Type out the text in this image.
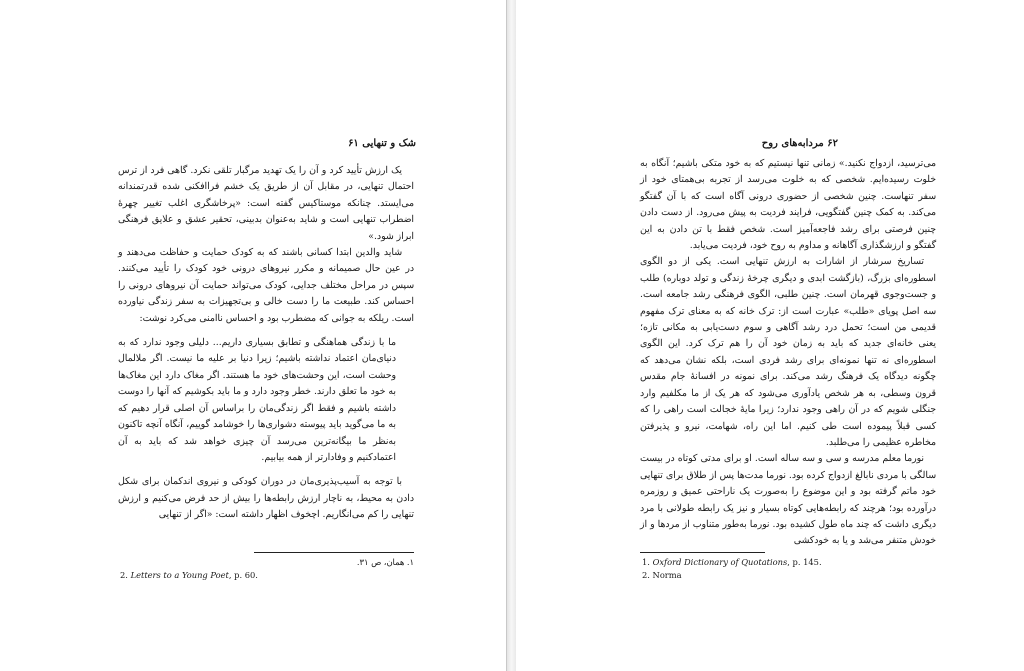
شک و تنهایی ۶۱

یک ارزش تأیید کرد و آن را یک تهدید مرگبار تلقی نکرد. گاهی فرد از ترس احتمال تنهایی، در مقابل آن از طریق یک خشم فراافکنی شده قدرتمندانه می‌ایستد. چنانکه موستاکیس گفته است: «پرخاشگری اغلب تغییر چهرهٔ اضطراب تنهایی است و شاید به‌عنوان بدبینی، تحقیر عشق و علایق فرهنگی ابراز شود.»

شاید والدین ابتدا کسانی باشند که به کودک حمایت و حفاظت می‌دهند و در عین حال صمیمانه و مکرر نیروهای درونی خود کودک را تأیید می‌کنند. سپس در مراحل مختلف جدایی، کودک می‌تواند حمایت آن نیروهای درونی را احساس کند. طبیعت ما را دست خالی و بی‌تجهیزات به سفر زندگی نیاورده است. ریلکه به جوانی که مضطرب بود و احساس ناامنی می‌کرد نوشت:

ما با زندگی هماهنگی و تطابق بسیاری داریم... دلیلی وجود ندارد که به دنیای‌مان اعتماد نداشته باشیم؛ زیرا دنیا بر علیه ما نیست. اگر ملالمال وحشت است، این وحشت‌های خود ما هستند. اگر مغاک دارد این مغاک‌ها به خود ما تعلق دارند. خطر وجود دارد و ما باید بکوشیم که آنها را دوست داشته باشیم و فقط اگر زندگی‌مان را براساس آن اصلی قرار دهیم که به ما می‌گوید باید پیوسته دشواری‌ها را خوشامد گوییم، آنگاه آنچه تاکنون به‌نظر ما بیگانه‌ترین می‌رسد آن چیزی خواهد شد که باید به آن اعتمادکنیم و وفادارتر از همه بیابیم.

با توجه به آسیب‌پذیری‌مان در دوران کودکی و نیروی اندکمان برای شکل دادن به محیط، به ناچار ارزش رابطه‌ها را بیش از حد فرض می‌کنیم و ارزش تنهایی را کم می‌انگاریم. اچخوف اظهار داشته است: «اگر از تنهایی

۱. همان، ص ۳۱.
2. Letters to a Young Poet, p. 60.
۶۲ مردابه‌های روح

می‌ترسید، ازدواج نکنید.» زمانی تنها نیستیم که به خود متکی باشیم؛ آنگاه به خلوت رسیده‌ایم. شخصی که به خلوت می‌رسد از تجربه بی‌همتای خود از سفر تنهاست. چنین شخصی از حضوری درونی آگاه است که با آن گفتگو می‌کند. به کمک چنین گفتگویی، فرایند فردیت به پیش می‌رود. از دست دادن چنین فرصتی برای رشد فاجعه‌آمیز است. شخص فقط با تن دادن به این گفتگو و ارزشگذاری آگاهانه و مداوم به روح خود، فردیت می‌یابد.

تساریخ سرشار از اشارات به ارزش تنهایی است. یکی از دو الگوی اسطوره‌ای بزرگ، (بازگشت ابدی و دیگری چرخهٔ زندگی و تولد دوباره) طلب و جست‌وجوی قهرمان است. چنین طلبی، الگوی فرهنگی رشد جامعه است. سه اصل پویای «طلب» عبارت است از: ترک خانه که به معنای ترک مفهوم قدیمی من است؛ تحمل درد رشد آگاهی و سوم دست‌یابی به مکانی تازه؛ یعنی خانه‌ای جدید که باید به زمان خود آن را هم ترک کرد. این الگوی اسطوره‌ای نه تنها نمونه‌ای برای رشد فردی است، بلکه نشان می‌دهد که چگونه دیدگاه یک فرهنگ رشد می‌کند. برای نمونه در افسانهٔ جام مقدس قرون وسطی، به هر شخص یادآوری می‌شود که هر یک از ما مکلفیم وارد جنگلی شویم که در آن راهی وجود ندارد؛ زیرا مایهٔ خجالت است راهی را که کسی قبلاً پیموده است طی کنیم. اما این راه، شهامت، نیرو و پذیرفتن مخاطره عظیمی را می‌طلبد.

نورما معلم مدرسه و سی و سه ساله است. او برای مدتی کوتاه در بیست سالگی با مردی نابالغ ازدواج کرده بود. نورما مدت‌ها پس از طلاق برای تنهایی خود ماتم گرفته بود و این موضوع را به‌صورت یک ناراحتی عمیق و روزمره درآورده بود؛ هرچند که رابطه‌هایی کوتاه بسیار و نیز یک رابطه طولانی با مرد دیگری داشت که چند ماه طول کشیده بود. نورما به‌طور متناوب از مردها و از خودش متنفر می‌شد و یا به خودکشی

1. Oxford Dictionary of Quotations, p. 145.
2. Norma
